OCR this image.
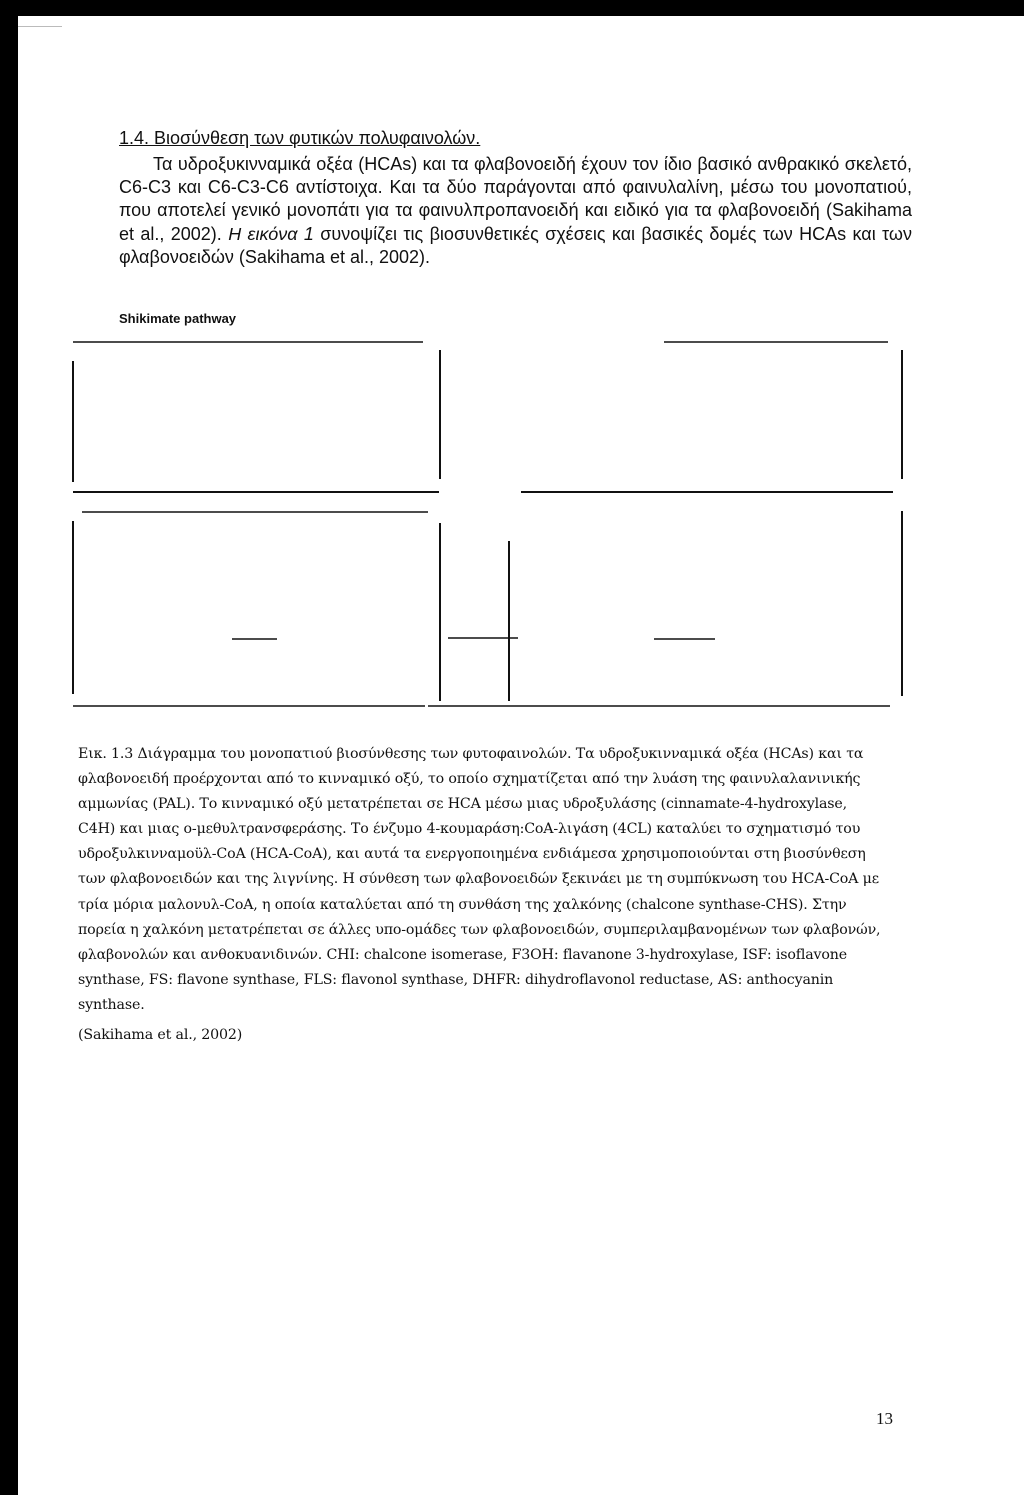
1.4. Βιοσύνθεση των φυτικών πολυφαινολών.

Τα υδροξυκινναμικά οξέα (HCAs) και τα φλαβονοειδή έχουν τον ίδιο βασικό ανθρακικό σκελετό, C6-C3 και C6-C3-C6 αντίστοιχα. Και τα δύο παράγονται από φαινυλαλίνη, μέσω του μονοπατιού, που αποτελεί γενικό μονοπάτι για τα φαινυλπροπανοειδή και ειδικό για τα φλαβονοειδή (Sakihama et al., 2002). Η εικόνα 1 συνοψίζει τις βιοσυνθετικές σχέσεις και βασικές δομές των HCAs και των φλαβονοειδών (Sakihama et al., 2002).

Shikimate pathway

Εικ. 1.3 Διάγραμμα του μονοπατιού βιοσύνθεσης των φυτοφαινολών. Τα υδροξυκινναμικά οξέα (HCAs) και τα φλαβονοειδή προέρχονται από το κινναμικό οξύ, το οποίο σχηματίζεται από την λυάση της φαινυλαλανινικής αμμωνίας (PAL). Το κινναμικό οξύ μετατρέπεται σε HCA μέσω μιας υδροξυλάσης (cinnamate-4-hydroxylase, C4H) και μιας ο-μεθυλτρανσφεράσης. Το ένζυμο 4-κουμαράση:CoA-λιγάση (4CL) καταλύει το σχηματισμό του υδροξυλκινναμοϋλ-CoA (HCA-CoA), και αυτά τα ενεργοποιημένα ενδιάμεσα χρησιμοποιούνται στη βιοσύνθεση των φλαβονοειδών και της λιγνίνης. Η σύνθεση των φλαβονοειδών ξεκινάει με τη συμπύκνωση του HCA-CoA με τρία μόρια μαλονυλ-CoA, η οποία καταλύεται από τη συνθάση της χαλκόνης (chalcone synthase-CHS). Στην πορεία η χαλκόνη μετατρέπεται σε άλλες υπο-ομάδες των φλαβονοειδών, συμπεριλαμβανομένων των φλαβονών, φλαβονολών και ανθοκυανιδινών. CHI: chalcone isomerase, F3OH: flavanone 3-hydroxylase, ISF: isoflavone synthase, FS: flavone synthase, FLS: flavonol synthase, DHFR: dihydroflavonol reductase, AS: anthocyanin synthase.

(Sakihama et al., 2002)

13
